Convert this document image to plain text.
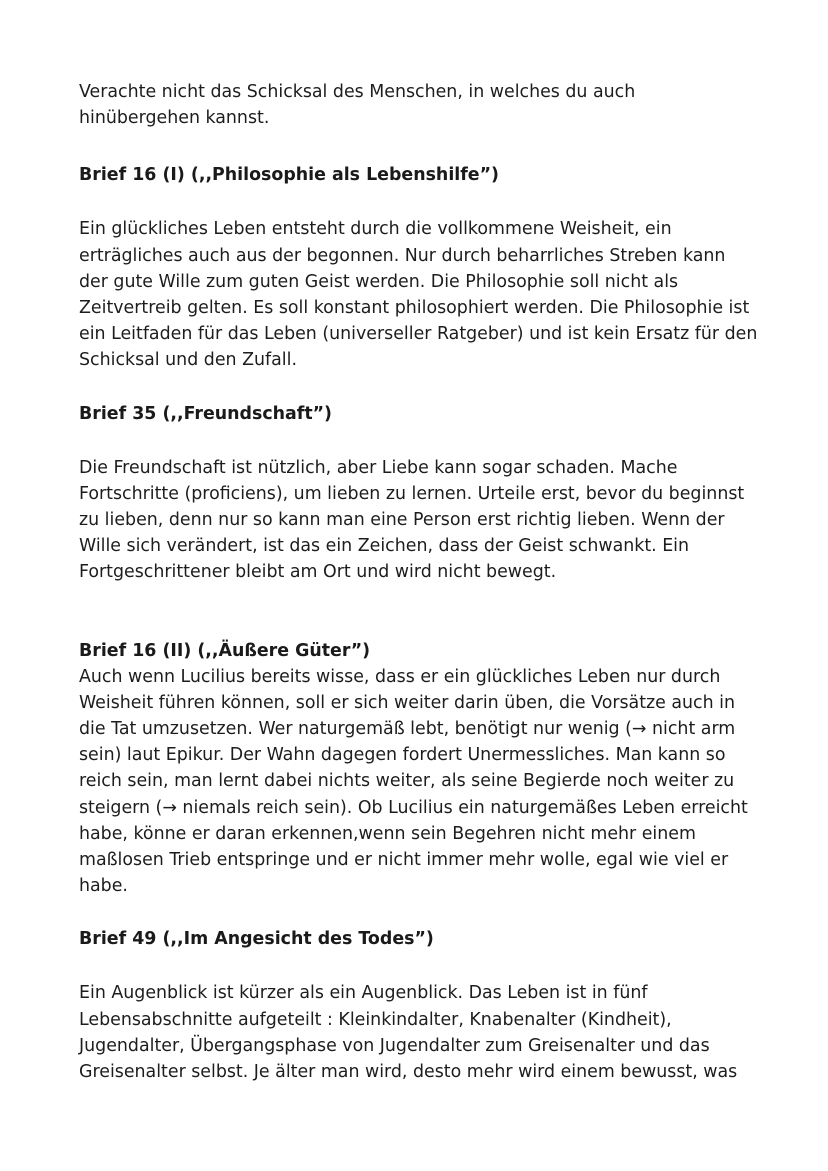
Verachte nicht das Schicksal des Menschen, in welches du auch hinübergehen kannst.

Brief 16 (I) (,,Philosophie als Lebenshilfe”)

Ein glückliches Leben entsteht durch die vollkommene Weisheit, ein erträgliches auch aus der begonnen. Nur durch beharrliches Streben kann der gute Wille zum guten Geist werden. Die Philosophie soll nicht als Zeitvertreib gelten. Es soll konstant philosophiert werden. Die Philosophie ist ein Leitfaden für das Leben (universeller Ratgeber) und ist kein Ersatz für den Schicksal und den Zufall.

Brief 35 (,,Freundschaft”)

Die Freundschaft ist nützlich, aber Liebe kann sogar schaden. Mache Fortschritte (proficiens), um lieben zu lernen. Urteile erst, bevor du beginnst zu lieben, denn nur so kann man eine Person erst richtig lieben. Wenn der Wille sich verändert, ist das ein Zeichen, dass der Geist schwankt. Ein Fortgeschrittener bleibt am Ort und wird nicht bewegt.

Brief 16 (II) (,,Äußere Güter”)

Auch wenn Lucilius bereits wisse, dass er ein glückliches Leben nur durch Weisheit führen können, soll er sich weiter darin üben, die Vorsätze auch in die Tat umzusetzen. Wer naturgemäß lebt, benötigt nur wenig (→ nicht arm sein) laut Epikur. Der Wahn dagegen fordert Unermessliches. Man kann so reich sein, man lernt dabei nichts weiter, als seine Begierde noch weiter zu steigern (→ niemals reich sein). Ob Lucilius ein naturgemäßes Leben erreicht habe, könne er daran erkennen,wenn sein Begehren nicht mehr einem maßlosen Trieb entspringe und er nicht immer mehr wolle, egal wie viel er habe.

Brief 49 (,,Im Angesicht des Todes”)

Ein Augenblick ist kürzer als ein Augenblick. Das Leben ist in fünf Lebensabschnitte aufgeteilt : Kleinkindalter, Knabenalter (Kindheit), Jugendalter, Übergangsphase von Jugendalter zum Greisenalter und das Greisenalter selbst. Je älter man wird, desto mehr wird einem bewusst, was
